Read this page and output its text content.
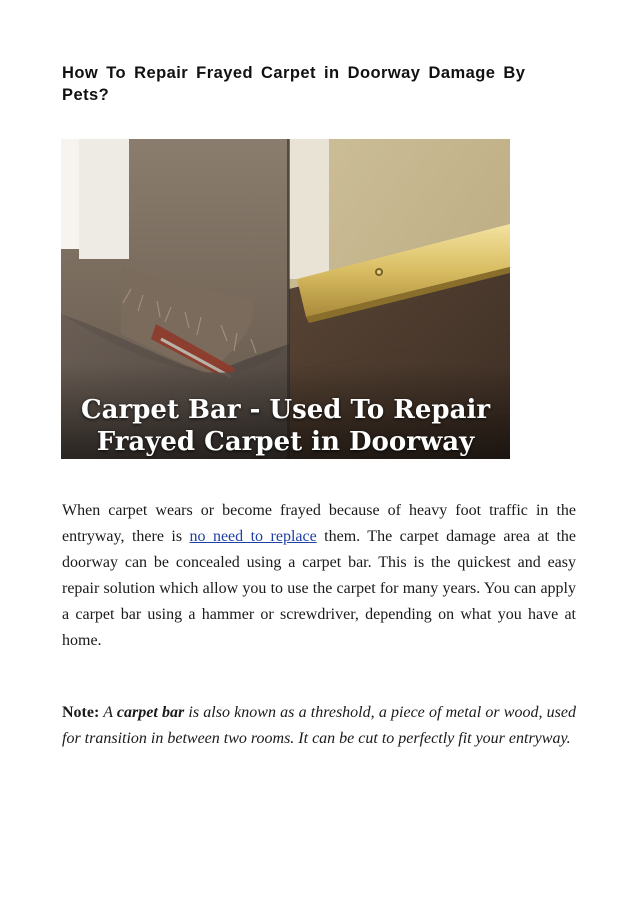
How To Repair Frayed Carpet in Doorway Damage By Pets?
Carpet Bar - Used To Repair
Frayed Carpet in Doorway

When carpet wears or become frayed because of heavy foot traffic in the entryway, there is no need to replace them. The carpet damage area at the doorway can be concealed using a carpet bar. This is the quickest and easy repair solution which allow you to use the carpet for many years. You can apply a carpet bar using a hammer or screwdriver, depending on what you have at home.

Note: A carpet bar is also known as a threshold, a piece of metal or wood, used for transition in between two rooms. It can be cut to perfectly fit your entryway.
